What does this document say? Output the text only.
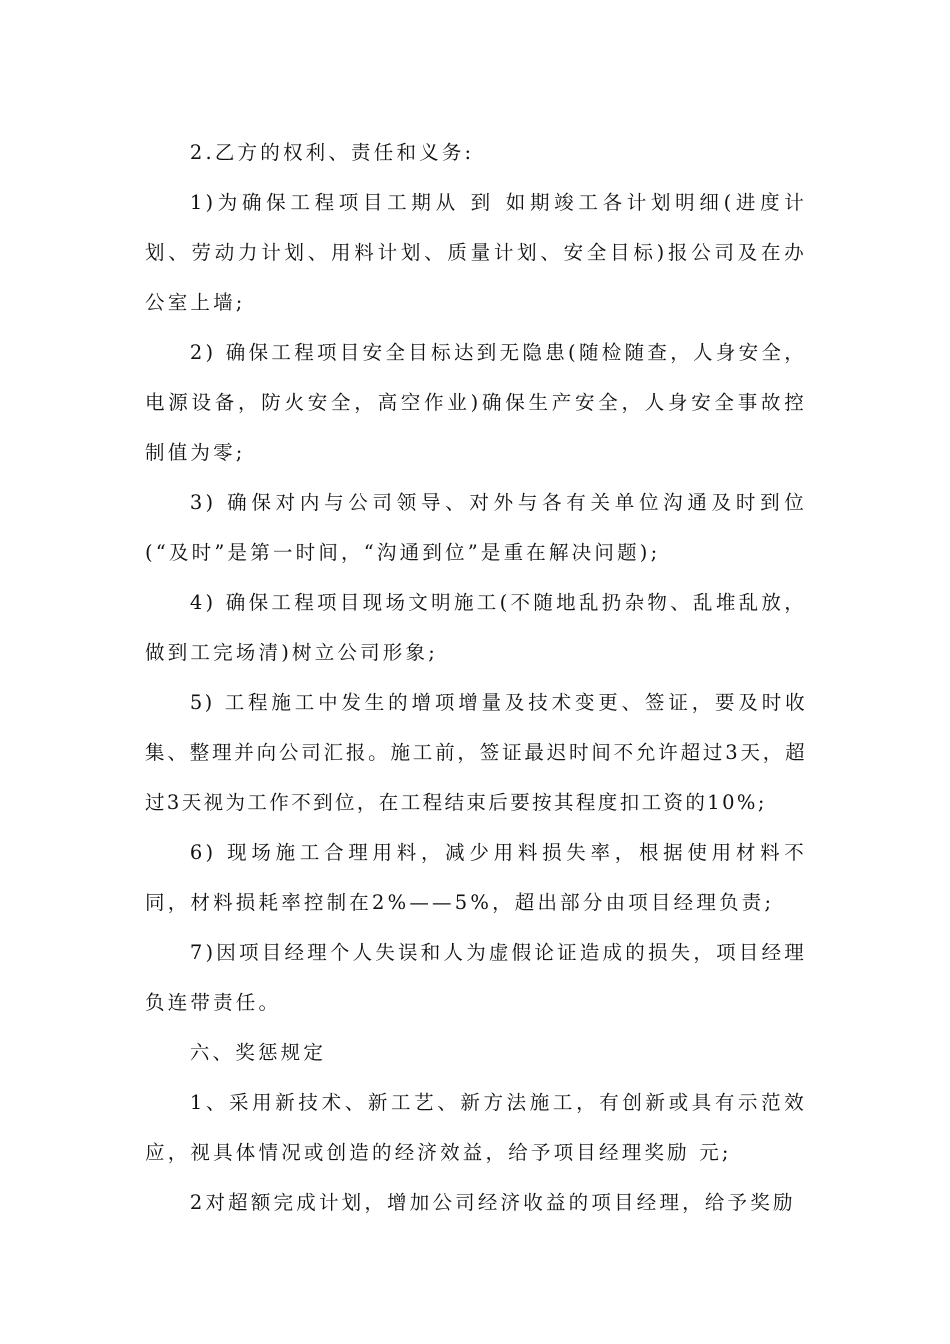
2.乙方的权利、责任和义务:

1)为确保工程项目工期从 到 如期竣工各计划明细(进度计划、劳动力计划、用料计划、质量计划、安全目标)报公司及在办公室上墙;

2) 确保工程项目安全目标达到无隐患(随检随查，人身安全，电源设备，防火安全，高空作业)确保生产安全，人身安全事故控制值为零;

3) 确保对内与公司领导、对外与各有关单位沟通及时到位(“及时”是第一时间，“沟通到位”是重在解决问题);

4) 确保工程项目现场文明施工(不随地乱扔杂物、乱堆乱放，做到工完场清)树立公司形象;

5) 工程施工中发生的增项增量及技术变更、签证，要及时收集、整理并向公司汇报。施工前，签证最迟时间不允许超过3天，超过3天视为工作不到位，在工程结束后要按其程度扣工资的10%;

6) 现场施工合理用料，减少用料损失率，根据使用材料不同，材料损耗率控制在2%——5%，超出部分由项目经理负责;

7)因项目经理个人失误和人为虚假论证造成的损失，项目经理负连带责任。

六、奖惩规定

1、采用新技术、新工艺、新方法施工，有创新或具有示范效应，视具体情况或创造的经济效益，给予项目经理奖励 元;

2对超额完成计划，增加公司经济收益的项目经理，给予奖励
